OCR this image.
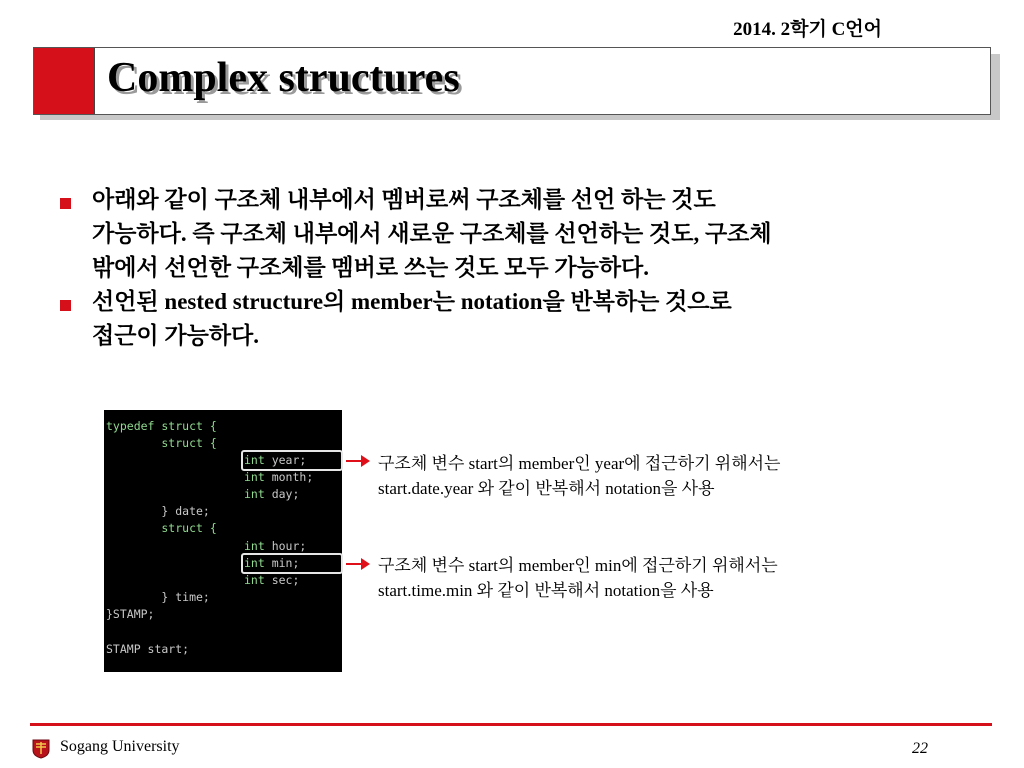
2014. 2학기 C언어
Complex structures
아래와 같이 구조체 내부에서 멤버로써 구조체를 선언 하는 것도
가능하다. 즉 구조체 내부에서 새로운 구조체를 선언하는 것도, 구조체
밖에서 선언한 구조체를 멤버로 쓰는 것도 모두 가능하다.
선언된 nested structure의 member는 notation을 반복하는 것으로
접근이 가능하다.
typedef struct {
struct {
int year;
int month;
int day;
} date;
struct {
int hour;
int min;
int sec;
} time;
}STAMP;
STAMP start;
구조체 변수 start의 member인 year에 접근하기 위해서는
start.date.year 와 같이 반복해서 notation을 사용
구조체 변수 start의 member인 min에 접근하기 위해서는
start.time.min 와 같이 반복해서 notation을 사용
Sogang University	22
